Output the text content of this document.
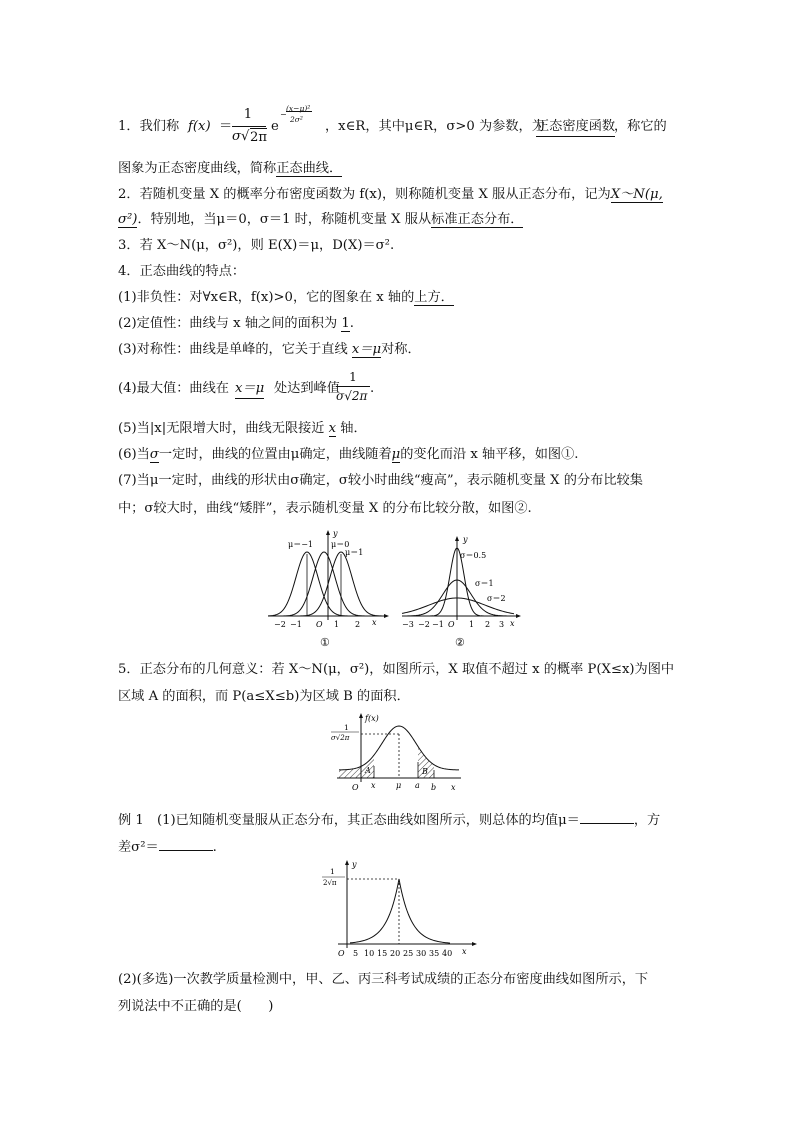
1．我们称 f(x) ＝
1
σ √ 2π
e
−
(x−μ)²
2σ² ，x∈R，其中μ∈R，σ>0 为参数，为
正态密度函数
，称它的
图象为正态密度曲线，简称正态曲线．
2．若随机变量 X 的概率分布密度函数为 f(x)，则称随机变量 X 服从正态分布，记为X～N(μ,
σ²)．特别地，当μ＝0，σ＝1 时，称随机变量 X 服从标准正态分布．
3．若 X～N(μ，σ²)，则 E(X)＝μ，D(X)＝σ².
4．正态曲线的特点：
(1)非负性：对∀x∈R，f(x)>0，它的图象在 x 轴的上方．
(2)定值性：曲线与 x 轴之间的面积为 1.
(3)对称性：曲线是单峰的，它关于直线 x＝μ对称．
(4)最大值：曲线在 x＝μ 处达到峰值
1
σ√2π .
(5)当|x|无限增大时，曲线无限接近 x 轴．
(6)当σ一定时，曲线的位置由μ确定，曲线随着μ的变化而沿 x 轴平移，如图①.
(7)当μ一定时，曲线的形状由σ确定，σ较小时曲线“瘦高”，表示随机变量 X 的分布比较集
中；σ较大时，曲线“矮胖”，表示随机变量 X 的分布比较分散，如图②.
μ＝−1 μ＝0
μ＝1
y
x
−2 −1 O 1 2
①
y
σ＝0.5
σ＝1
σ＝2
x
−3 −2 −1 O 1 2 3
②
5．正态分布的几何意义：若 X～N(μ，σ²)，如图所示，X 取值不超过 x 的概率 P(X≤x)为图中
区域 A 的面积，而 P(a≤X≤b)为区域 B 的面积．
f(x)
1
σ√2π
A	B
O x	μ a b x
例 1　(1)已知随机变量服从正态分布，其正态曲线如图所示，则总体的均值μ＝	，方
差σ²＝	.
y
1
2√π
O 5 10 15 20 25 30 35 40 x
(2)(多选)一次教学质量检测中，甲、乙、丙三科考试成绩的正态分布密度曲线如图所示，下
列说法中不正确的是(　　)
